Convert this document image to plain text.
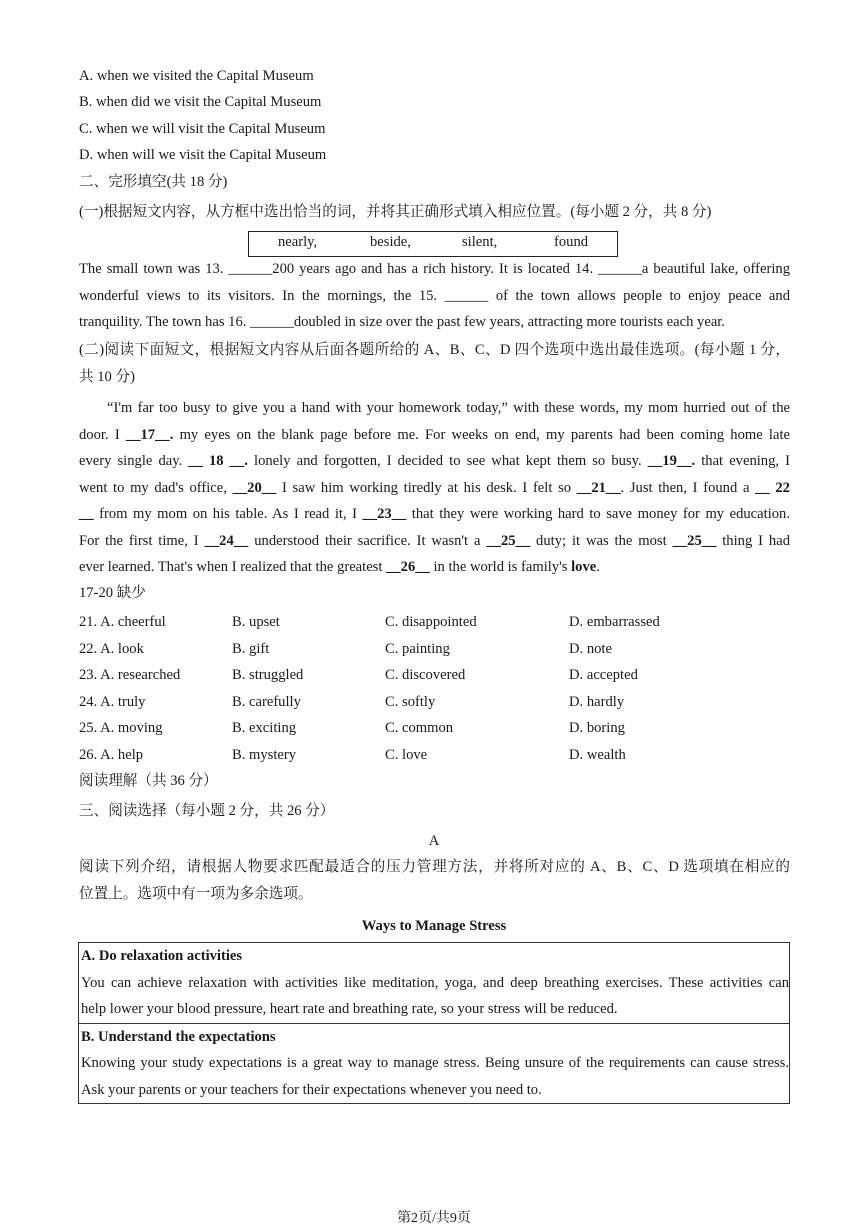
A. when we visited the Capital Museum
B. when did we visit the Capital Museum
C. when we will visit the Capital Museum
D. when will we visit the Capital Museum
二、完形填空(共 18 分)
(一)根据短文内容，从方框中选出恰当的词，并将其正确形式填入相应位置。(每小题 2 分，共 8 分)
nearly,	beside,	silent,	found
The small town was 13. ______200 years ago and has a rich history. It is located 14. ______a beautiful lake, offering
wonderful views to its visitors. In the mornings, the 15. ______ of the town allows people to enjoy peace and
tranquility. The town has 16. ______doubled in size over the past few years, attracting more tourists each year.
(二)阅读下面短文，根据短文内容从后面各题所给的 A、B、C、D 四个选项中选出最佳选项。(每小题 1 分，
共 10 分)
“I'm far too busy to give you a hand with your homework today,” with these words, my mom hurried out of the
door. I __17__. my eyes on the blank page before me. For weeks on end, my parents had been coming home late
every single day. __ 18 __. lonely and forgotten, I decided to see what kept them so busy. __19__. that evening, I
went to my dad's office, __20__ I saw him working tiredly at his desk. I felt so __21__. Just then, I found a __ 22
__ from my mom on his table. As I read it, I __23__ that they were working hard to save money for my education.
For the first time, I __24__ understood their sacrifice. It wasn't a __25__ duty; it was the most __25__ thing I had
ever learned. That's when I realized that the greatest __26__ in the world is family's love.
17-20 缺少
21. A. cheerful	B. upset	C. disappointed	D. embarrassed
22. A. look	B. gift	C. painting	D. note
23. A. researched	B. struggled	C. discovered	D. accepted
24. A. truly	B. carefully	C. softly	D. hardly
25. A. moving	B. exciting	C. common	D. boring
26. A. help	B. mystery	C. love	D. wealth
阅读理解（共 36 分）
三、阅读选择（每小题 2 分，共 26 分）
A
阅读下列介绍，请根据人物要求匹配最适合的压力管理方法，并将所对应的 A、B、C、D 选项填在相应的
位置上。选项中有一项为多余选项。
Ways to Manage Stress
A. Do relaxation activities
You can achieve relaxation with activities like meditation, yoga, and deep breathing exercises. These activities can
help lower your blood pressure, heart rate and breathing rate, so your stress will be reduced.

B. Understand the expectations
Knowing your study expectations is a great way to manage stress. Being unsure of the requirements can cause stress.
Ask your parents or your teachers for their expectations whenever you need to.
第2页/共9页
